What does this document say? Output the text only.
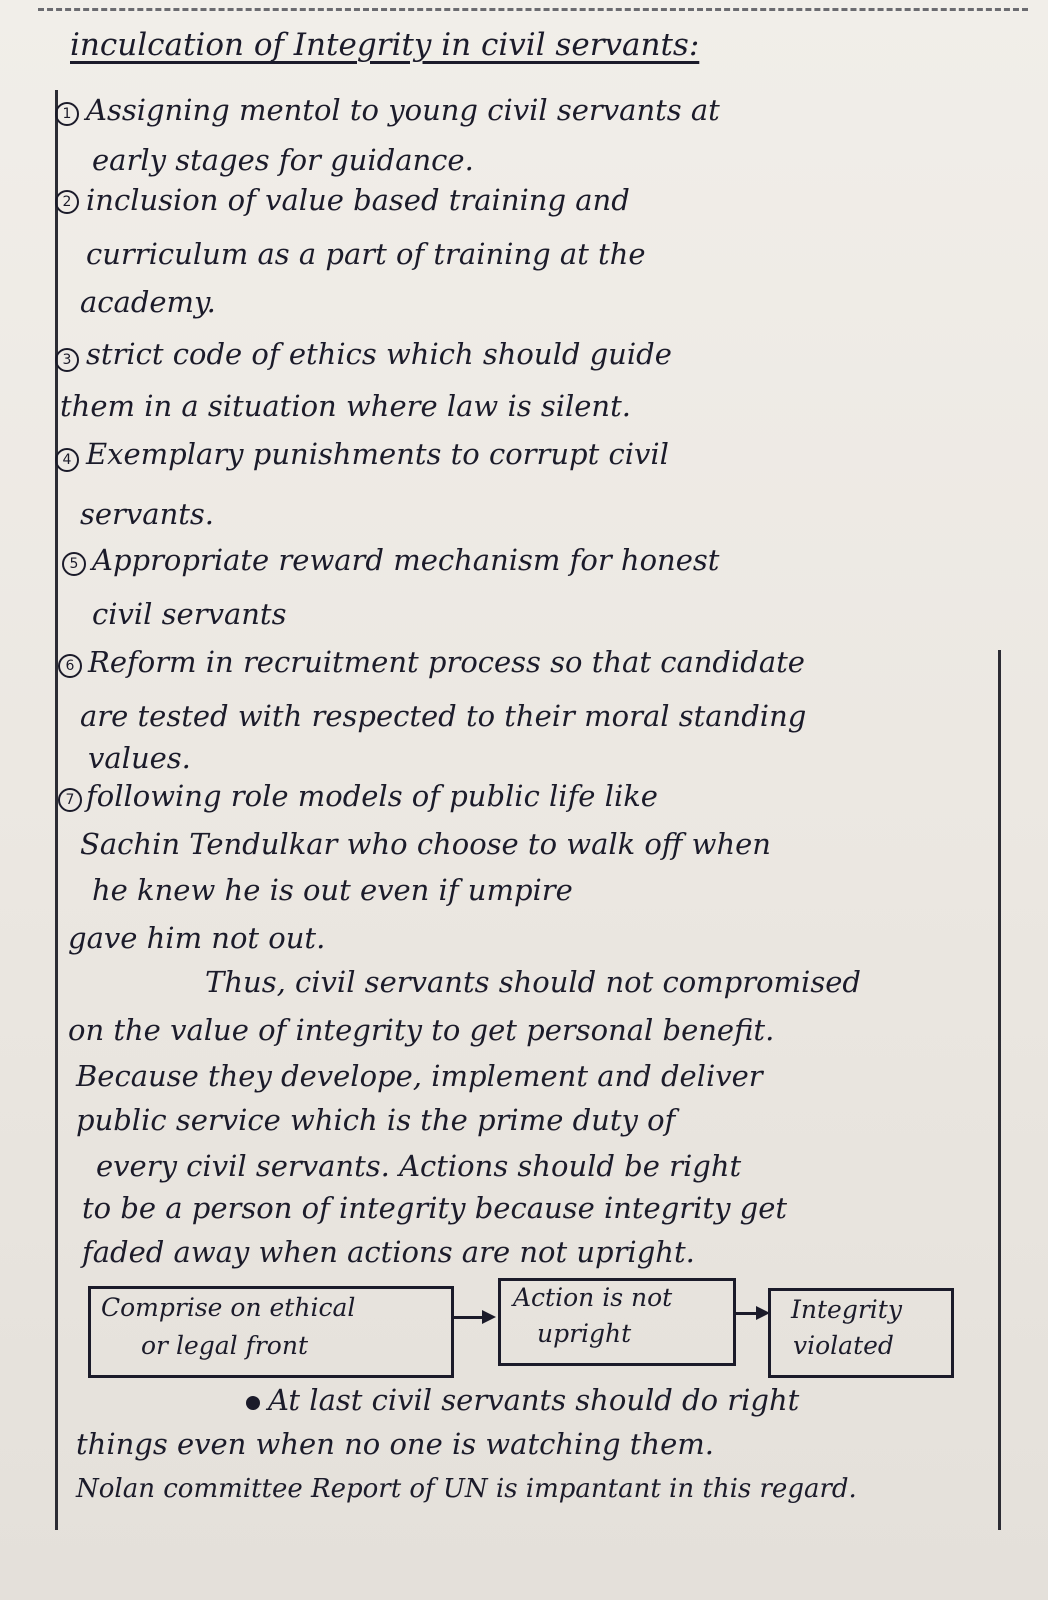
inculcation of Integrity in civil servants:
1 Assigning mentol to young civil servants at
early stages for guidance.
2 inclusion of value based training and
curriculum as a part of training at the
academy.
3 strict code of ethics which should guide
them in a situation where law is silent.
4 Exemplary punishments to corrupt civil
servants.
5 Appropriate reward mechanism for honest
civil servants
6 Reform in recruitment process so that candidate
are tested with respected to their moral standing
values.
7 following role models of public life like
Sachin Tendulkar who choose to walk off when
he knew he is out even if umpire
gave him not out.
Thus, civil servants should not compromised
on the value of integrity to get personal benefit.
Because they develope, implement and deliver
public service which is the prime duty of
every civil servants. Actions should be right
to be a person of integrity because integrity get
faded away when actions are not upright.
Comprise on ethical
or legal front
Action is not
upright
Integrity
violated
At last civil servants should do right
things even when no one is watching them.
Nolan committee Report of UN is impantant in this regard.
